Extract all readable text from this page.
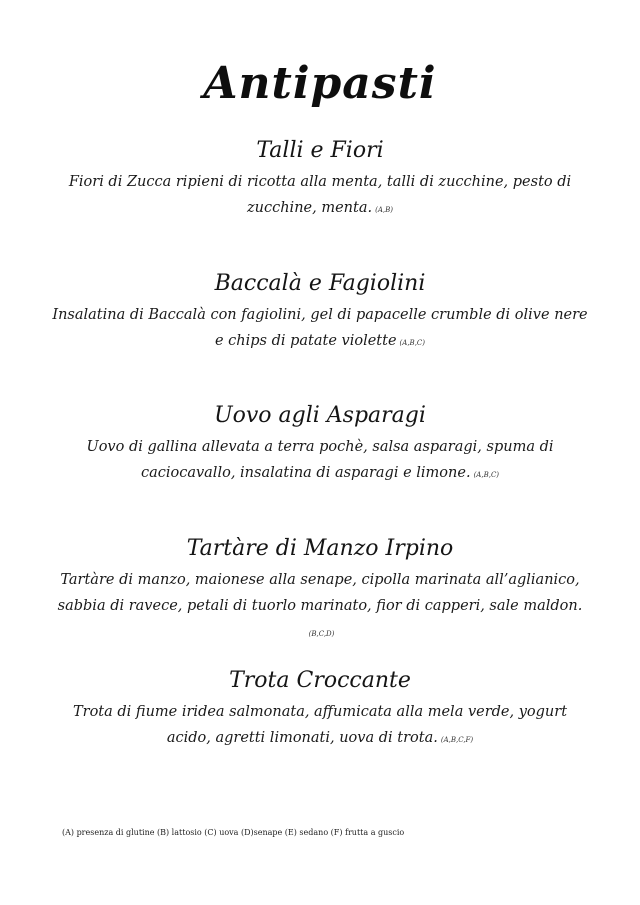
Antipasti
Talli e Fiori

Fiori di Zucca ripieni di ricotta alla menta, talli di zucchine, pesto di zucchine, menta. (A,B)

Baccalà e Fagiolini

Insalatina di Baccalà con fagiolini, gel di papacelle crumble di olive nere e chips di patate violette (A,B,C)

Uovo agli Asparagi

Uovo di gallina allevata a terra pochè, salsa asparagi, spuma di caciocavallo, insalatina di asparagi e limone. (A,B,C)

Tartàre di Manzo Irpino

Tartàre di manzo, maionese alla senape, cipolla marinata all’aglianico, sabbia di ravece, petali di tuorlo marinato, fior di capperi, sale maldon.(B,C,D)

Trota Croccante

Trota di fiume iridea salmonata, affumicata alla mela verde, yogurt acido, agretti limonati, uova di trota. (A,B,C,F)

(A) presenza di glutine (B) lattosio (C) uova (D)senape (E) sedano (F) frutta a guscio
